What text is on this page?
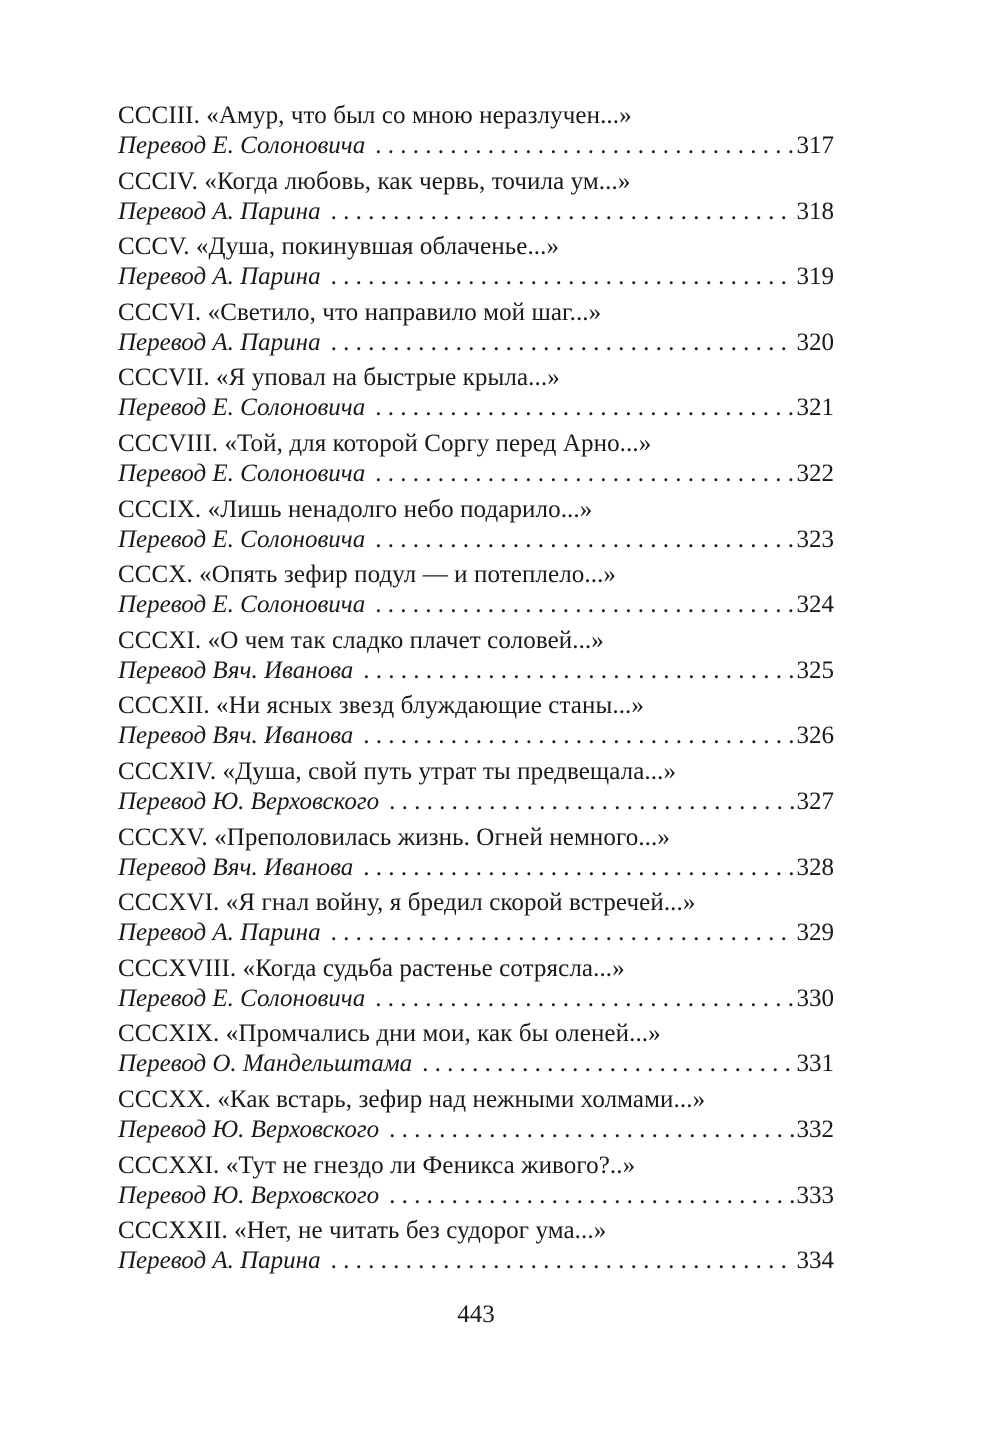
CCCIII. «Амур, что был со мною неразлучен...»
Перевод Е. Солоновича . . .	317
CCCIV. «Когда любовь, как червь, точила ум...»
Перевод А. Парина . . .	318
CCCV. «Душа, покинувшая облаченье...»
Перевод А. Парина . . .	319
CCCVI. «Светило, что направило мой шаг...»
Перевод А. Парина . . .	320
CCCVII. «Я уповал на быстрые крыла...»
Перевод Е. Солоновича . . .	321
CCCVIII. «Той, для которой Соргу перед Арно...»
Перевод Е. Солоновича . . .	322
CCCIX. «Лишь ненадолго небо подарило...»
Перевод Е. Солоновича . . .	323
CCCX. «Опять зефир подул — и потеплело...»
Перевод Е. Солоновича . . .	324
CCCXI. «О чем так сладко плачет соловей...»
Перевод Вяч. Иванова . . .	325
CCCXII. «Ни ясных звезд блуждающие станы...»
Перевод Вяч. Иванова . . .	326
CCCXIV. «Душа, свой путь утрат ты предвещала...»
Перевод Ю. Верховского . . .	327
CCCXV. «Преполовилась жизнь. Огней немного...»
Перевод Вяч. Иванова . . .	328
CCCXVI. «Я гнал войну, я бредил скорой встречей...»
Перевод А. Парина . . .	329
CCCXVIII. «Когда судьба растенье сотрясла...»
Перевод Е. Солоновича . . .	330
CCCXIX. «Промчались дни мои, как бы оленей...»
Перевод О. Мандельштама . . .	331
CCCXX. «Как встарь, зефир над нежными холмами...»
Перевод Ю. Верховского . . .	332
CCCXXI. «Тут не гнездо ли Феникса живого?..»
Перевод Ю. Верховского . . .	333
CCCXXII. «Нет, не читать без судорог ума...»
Перевод А. Парина . . .	334
443
